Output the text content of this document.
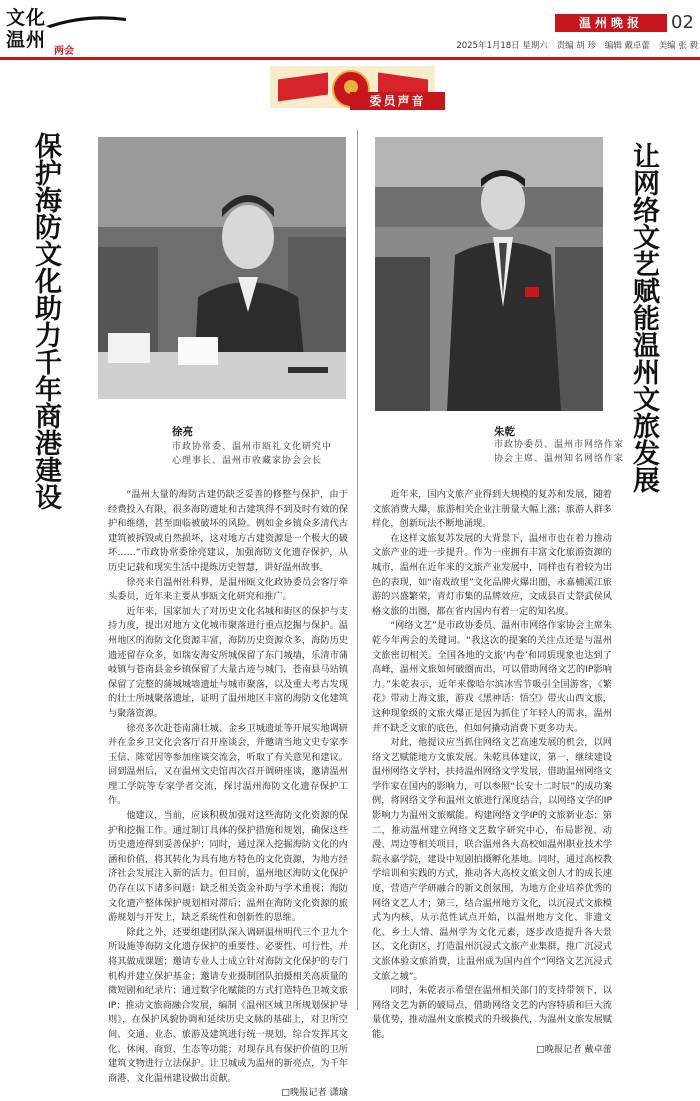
文化
温州
两会
温州晚报	02
2025年1月18日 星期六 责编 胡 珍 编辑 戴卓蕾 美编 张 毅
委员声音
保护海防文化助力千年商港建设	徐亮
市政协常委、温州市瓯礼文化研究中心理事长、温州市收藏家协会会长

“温州大量的海防古建仍缺乏妥善的修整与保护，由于经费投入有限，很多海防遗址和古建筑得不到及时有效的保护和维缮，甚至面临被破坏的风险。例如金乡镇众多清代古建筑被拆毁或自然损坏，这对地方古建资源是一个极大的破坏……”市政协常委徐亮建议，加强海防文化遗存保护，从历史记载和现实生活中提炼历史智慧，讲好温州故事。

徐亮来自温州社科界，是温州瓯文化政协委员会客厅牵头委员，近年来主要从事瓯文化研究和推广。

近年来，国家加大了对历史文化名城和街区的保护与支持力度，提出对地方文化城市聚落进行重点挖掘与保护。温州地区的海防文化资源丰富，海防历史资源众多，海防历史遗迹留存众多，如瑞安海安所城保留了东门城墙，乐清市蒲岐镇与苍南县金乡镇保留了大量古迹与城门，苍南县马站镇保留了完整的蒲城城墙遗址与城市聚落，以及重大考古发现的壮士所城聚落遗址，证明了温州地区丰富的海防文化建筑与聚落资源。

徐亮多次赴苍南蒲壮城、金乡卫城遗址等开展实地调研并在金乡卫文化会客厅召开座谈会，并邀请当地文史专家李玉信、陈觉因等参加座谈交流会，听取了有关意见和建议。回到温州后，又在温州文史馆再次召开调研座谈，邀请温州理工学院等专家学者交流，探讨温州海防文化遗存保护工作。

他建议，当前，应该积极加强对这些海防文化资源的保护和挖掘工作。通过制订具体的保护措施和规划，确保这些历史遗迹得到妥善保护；同时，通过深入挖掘海防文化的内涵和价值，将其转化为具有地方特色的文化资源，为地方经济社会发展注入新的活力。但目前，温州地区海防文化保护仍存在以下诸多问题：缺乏相关资金补助与学术重视；海防文化遗产整体保护规划相对滞后；温州在海防文化资源的旅游规划与开发上，缺乏系统性和创新性的思维。

除此之外，还要组建团队深入调研温州明代三个卫九个所设施等海防文化遗存保护的重要性、必要性、可行性，并将其做成课题；邀请专业人士成立针对海防文化保护的专门机构并建立保护基金；邀请专业摄制团队拍摄相关高质量的微短剧和纪录片；通过数字化赋能的方式打造特色卫城文旅IP；推动文旅商融合发展，编制《温州区域卫所规划保护导则》，在保护风貌协调和延续历史文脉的基础上，对卫所空间、交通、业态、旅游及建筑进行统一规划，综合发挥其文化、休闲、商贸、生态等功能；对现存具有保护价值的卫所建筑文物进行立法保护。让卫城成为温州的新亮点，为千年商港、文化温州建设做出贡献。

□晚报记者 潇瑜
让网络文艺赋能温州文旅发展
朱乾
市政协委员、温州市网络作家协会主席、温州知名网络作家

近年来，国内文旅产业得到大规模的复苏和发展，随着文旅消费大爆，旅游相关企业注册量大幅上涨；旅游人群多样化，创新玩法不断地涌现。

在这样文旅复苏发展的大背景下，温州市也在着力推动文旅产业的进一步提升。作为一座拥有丰富文化旅游资源的城市，温州在近年来的文旅产业发展中，同样也有着较为出色的表现，如“南戏故里”文化品牌火爆出圈，永嘉楠溪江旅游的兴盛繁荣，青灯市集的品牌效应，文成县百丈祭武侯风格文旅的出圈，都在省内国内有着一定的知名度。

“网络文艺”是市政协委员、温州市网络作家协会主席朱乾今年两会的关键词。“我这次的提案的关注点还是与温州文旅密切相关。全国各地的文旅‘内卷’和同质现象也达到了高峰，温州文旅如何破圈而出，可以借助网络文艺的IP影响力。”朱乾表示，近年来像哈尔滨冰雪节吸引全国游客，《繁花》带动上海文旅，游戏《黑神话：悟空》带火山西文旅，这种现象级的文旅火爆正是因为抓住了年轻人的需求，温州并不缺乏文旅的底色，但如何撬动消费下更多功夫。

对此，他提议应当抓住网络文艺高速发展的机会，以网络文艺赋能地方文旅发展。朱乾具体建议，第一，继续建设温州网络文学村，扶持温州网络文学发展，借助温州网络文学作家在国内的影响力，可以参照“长安十二时辰”的成功案例，将网络文学和温州文旅进行深度结合，以网络文学的IP影响力为温州文旅赋能。构建网络文学IP的文旅新业态；第二，推动温州建立网络文艺数字研究中心，布局影视、动漫、周边等相关项目，联合温州各大高校如温州职业技术学院永嘉学院，建设中短剧拍摄孵化基地。同时，通过高校教学培训和实践的方式，推动各大高校文旅文创人才的成长速度，营造产学研融合的新文创氛围，为地方企业培养优秀的网络文艺人才；第三，结合温州地方文化，以沉浸式文旅模式为内核，从示范性试点开始，以温州地方文化、非遗文化、乡土人情、温州学为文化元素，逐步改造提升各大景区、文化街区，打造温州沉浸式文旅产业集群，推广沉浸式文旅体验文旅消费，让温州成为国内首个“网络文艺沉浸式文旅之城”。

同时，朱乾表示希望在温州相关部门的支持带领下，以网络文艺为新的破局点，借助网络文艺的内容特质和巨大流量优势，推动温州文旅模式的升级换代，为温州文旅发展赋能。

□晚报记者 戴卓蕾
